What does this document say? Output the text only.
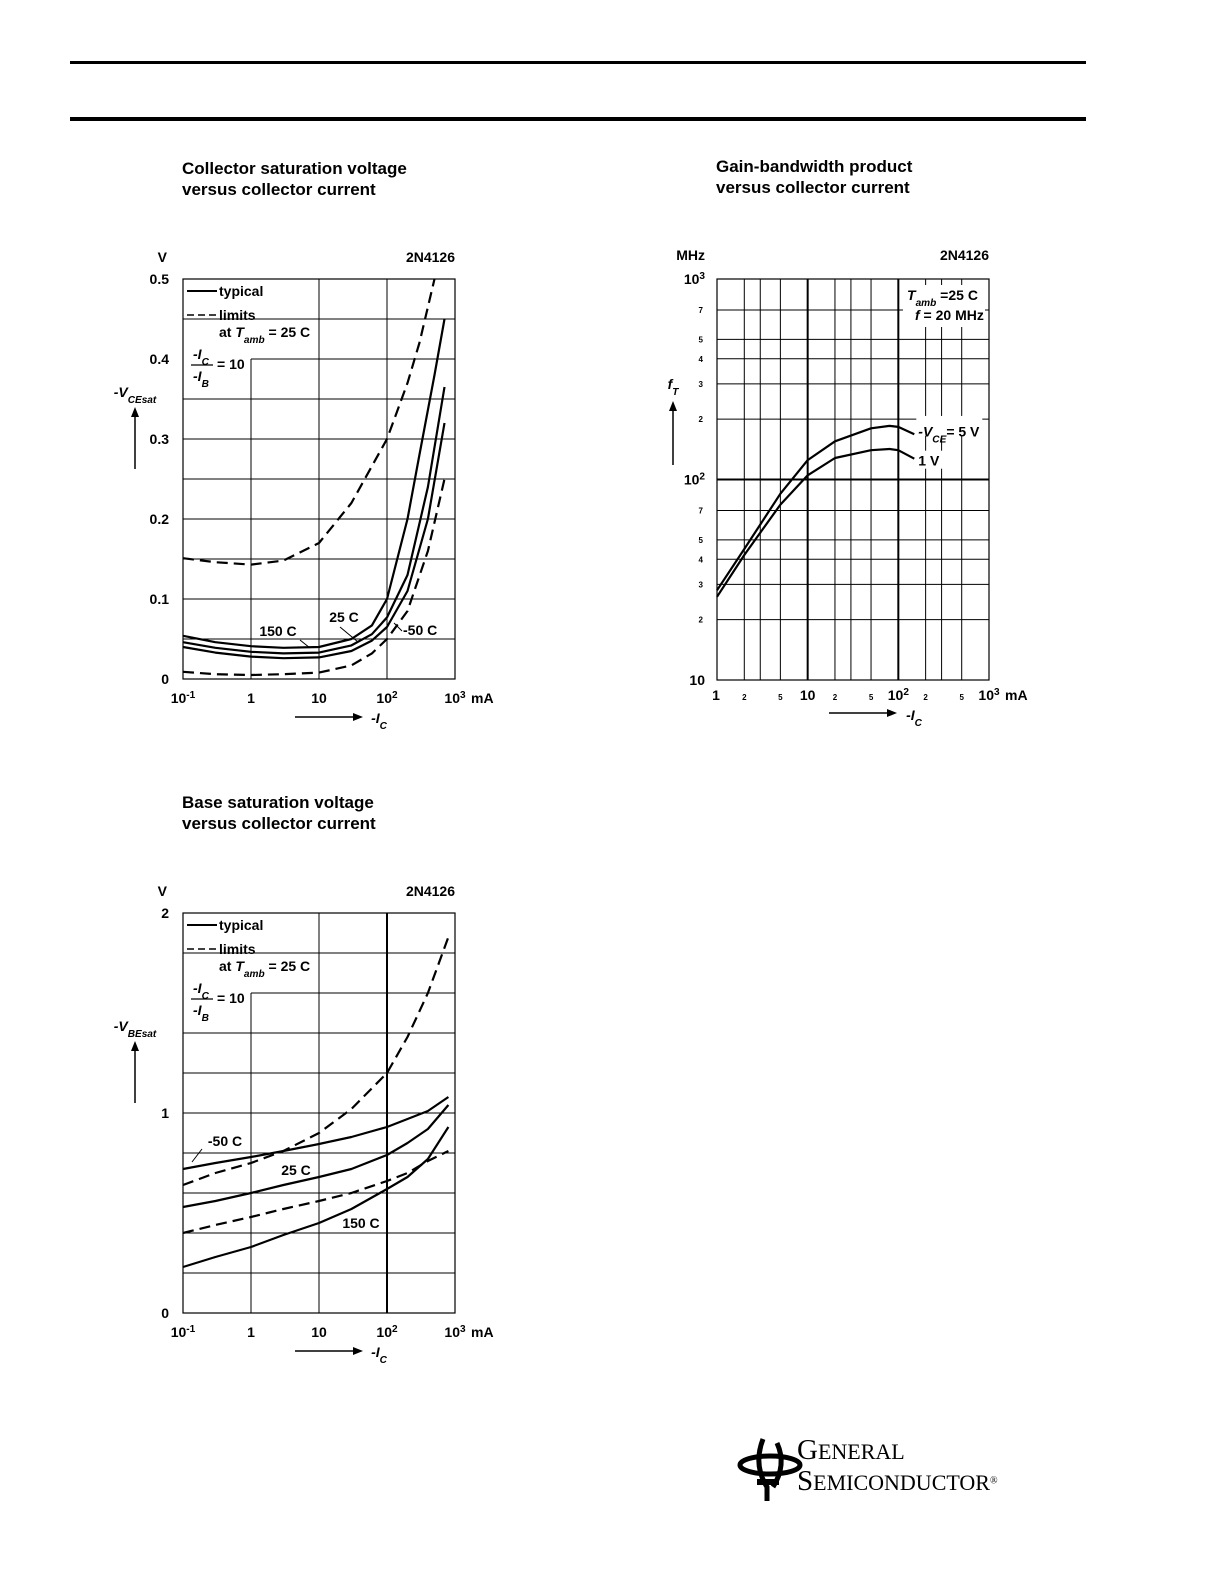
Collector saturation voltage
versus collector current
Gain-bandwidth product
versus collector current
Base saturation voltage
versus collector current
$10^{-1}$	1	10	$10^2$	$10^3$ mA
0
0.1
0.2
0.3
0.4
0.5
V	2N4126
$-V_{CEsat}$
$-I_C$
typical
limits
at $T_{amb} = 25$ C
$-I_C$
$-I_B$
= 10
150 C
25 C
-50 C
$10^{-1}$	1	10	$10^2$	$10^3$ mA
0
1
2
V	2N4126
$-V_{BEsat}$
$-I_C$
typical
limits
at $T_{amb} = 25$ C
$-I_C$
$-I_B$
= 10
-50 C
25 C
150 C
10
$10^2$
$10^3$
2
3
4
5
7
2
3
4
5
7
1	10	$10^2$	$10^3$
2	5	2	5	2	5	mA
MHz	2N4126
$f_T$
$-I_C$
$T_{amb} =25$ C
f = 20 MHz
$-V_{CE}= 5$ V
1 V
GENERAL
SEMICONDUCTOR®
